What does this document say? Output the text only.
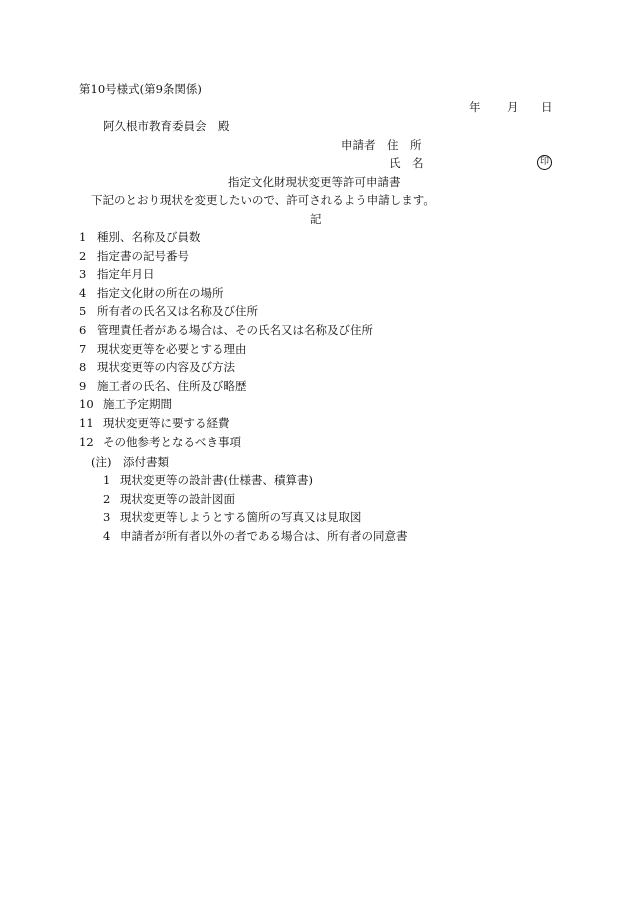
第10号様式(第9条関係)
年 月 日
阿久根市教育委員会　殿
申請者　住　所
氏　名	印
指定文化財現状変更等許可申請書
下記のとおり現状を変更したいので、許可されるよう申請します。
記
1 種別、名称及び員数
2 指定書の記号番号
3 指定年月日
4 指定文化財の所在の場所
5 所有者の氏名又は名称及び住所
6 管理責任者がある場合は、その氏名又は名称及び住所
7 現状変更等を必要とする理由
8 現状変更等の内容及び方法
9 施工者の氏名、住所及び略歴
10 施工予定期間
11 現状変更等に要する経費
12 その他参考となるべき事項
(注)　添付書類
1 現状変更等の設計書(仕様書、積算書)
2 現状変更等の設計図面
3 現状変更等しようとする箇所の写真又は見取図
4 申請者が所有者以外の者である場合は、所有者の同意書
